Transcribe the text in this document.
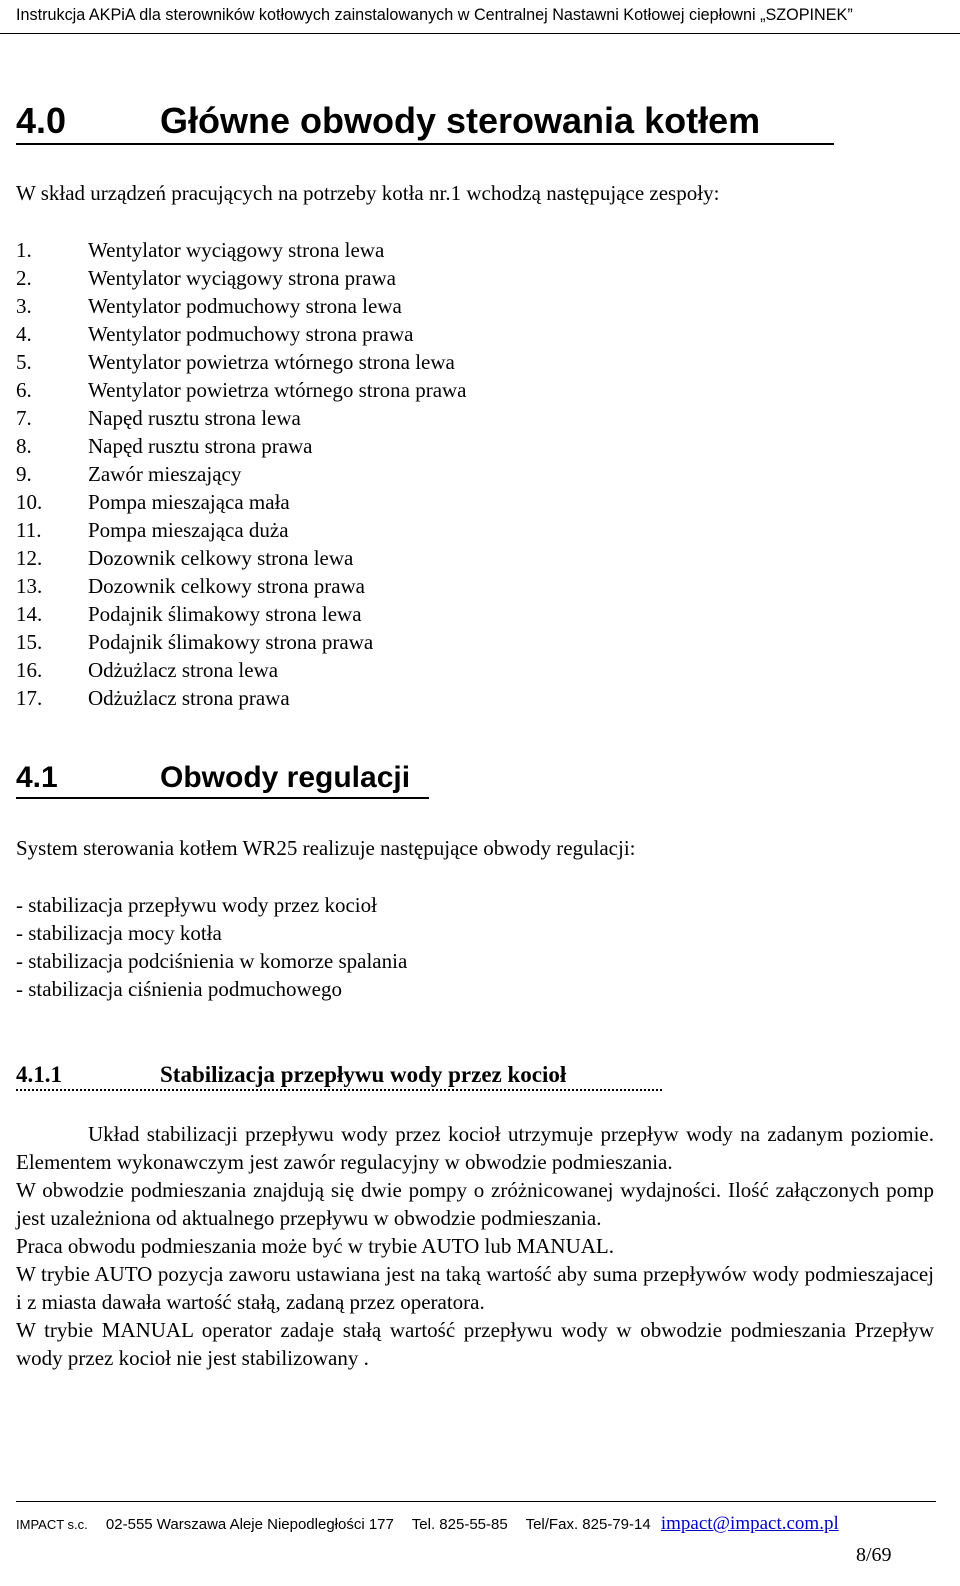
Instrukcja AKPiA dla sterowników kotłowych zainstalowanych w Centralnej Nastawni Kotłowej ciepłowni „SZOPINEK”
4.0	Główne obwody sterowania kotłem
W skład urządzeń pracujących na potrzeby kotła nr.1 wchodzą następujące zespoły:
1.	Wentylator wyciągowy strona lewa
2.	Wentylator wyciągowy strona prawa
3.	Wentylator podmuchowy strona lewa
4.	Wentylator podmuchowy strona prawa
5.	Wentylator powietrza wtórnego strona lewa
6.	Wentylator powietrza wtórnego strona prawa
7.	Napęd rusztu strona lewa
8.	Napęd rusztu strona prawa
9.	Zawór mieszający
10. Pompa mieszająca mała
11. Pompa mieszająca duża
12. Dozownik celkowy strona lewa
13. Dozownik celkowy strona prawa
14. Podajnik ślimakowy strona lewa
15. Podajnik ślimakowy strona prawa
16. Odżużlacz strona lewa
17. Odżużlacz strona prawa
4.1	Obwody regulacji
System sterowania kotłem WR25 realizuje następujące obwody regulacji:
- stabilizacja przepływu wody przez kocioł
- stabilizacja mocy kotła
- stabilizacja podciśnienia w komorze spalania
- stabilizacja ciśnienia podmuchowego
4.1.1	Stabilizacja przepływu wody przez kocioł

Układ stabilizacji przepływu wody przez kocioł utrzymuje przepływ wody na zadanym poziomie. Elementem wykonawczym jest zawór regulacyjny w obwodzie podmieszania.

W obwodzie podmieszania znajdują się dwie pompy o zróżnicowanej wydajności. Ilość załączonych pomp jest uzależniona od aktualnego przepływu w obwodzie podmieszania.

Praca obwodu podmieszania może być w trybie AUTO lub MANUAL.

W trybie AUTO pozycja zaworu ustawiana jest na taką wartość aby suma przepływów wody podmieszajacej i z miasta dawała wartość stałą, zadaną przez operatora.

W trybie MANUAL operator zadaje stałą wartość przepływu wody w obwodzie podmieszania Przepływ wody przez kocioł nie jest stabilizowany .

IMPACT s.c. 02-555 Warszawa Aleje Niepodległości 177 Tel. 825-55-85 Tel/Fax. 825-79-14 impact@impact.com.pl
8/69
